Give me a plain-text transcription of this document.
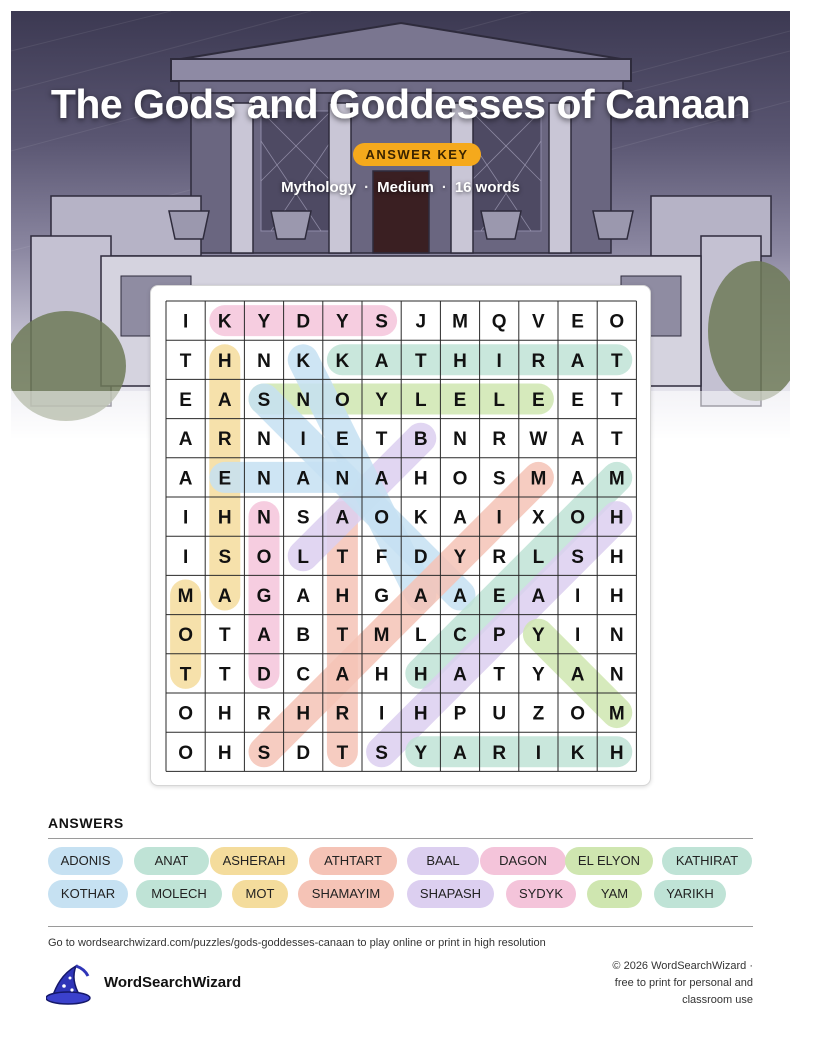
The Gods and Goddesses of Canaan
ANSWER KEY
Mythology · Medium · 16 words
I K Y D Y S J M Q V E O
T H N K K A T H I R A T
E A S N O Y L E L E E T
A R N I E T B N R W A T
A E N A N A H O S M A M
I H N S A O K A I X O H
I S O L T F D Y R L S H
M A G A H G A A E A I H
O T A B T M L C P Y I N
T T D C A H H A T Y A N
O H R H R I H P U Z O M
O H S D T S Y A R I K H
ANSWERS
ADONIS	ANAT	ASHERAH	ATHTART	BAAL	DAGON	EL ELYON	KATHIRAT
KOTHAR	MOLECH	MOT	SHAMAYIM	SHAPASH	SYDYK	YAM	YARIKH
Go to wordsearchwizard.com/puzzles/gods-goddesses-canaan to play online or print in high resolution
WordSearchWizard
© 2026 WordSearchWizard ·
free to print for personal and
classroom use
